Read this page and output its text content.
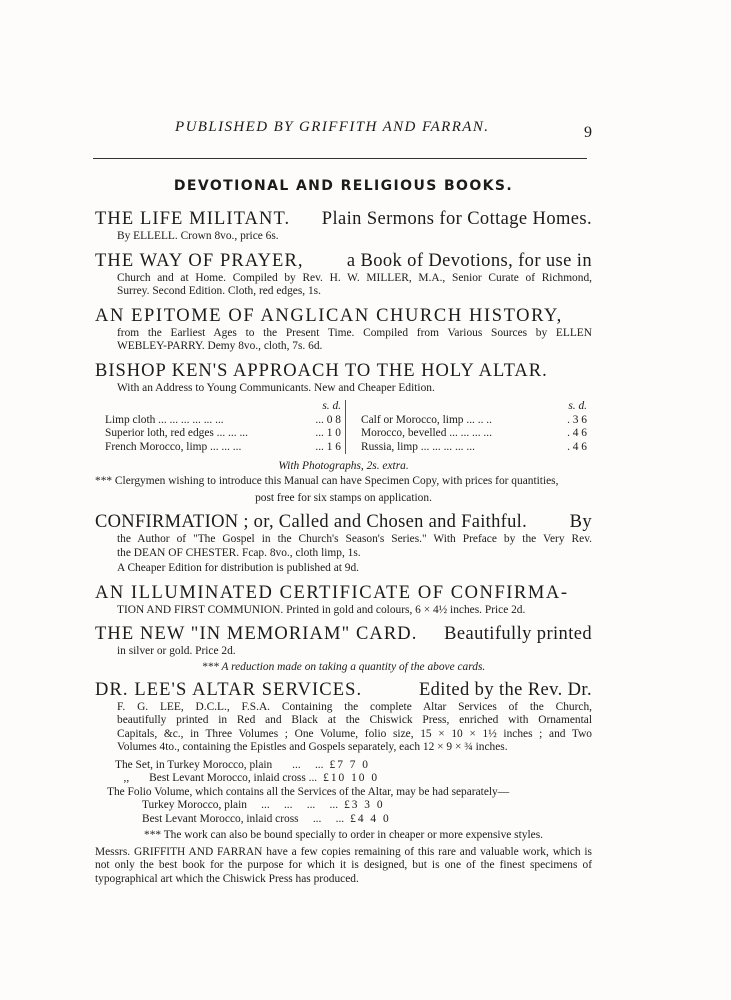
PUBLISHED BY GRIFFITH AND FARRAN.	9
DEVOTIONAL AND RELIGIOUS BOOKS.
THE LIFE MILITANT. Plain Sermons for Cottage Homes.
By ELLELL. Crown 8vo., price 6s.
THE WAY OF PRAYER, a Book of Devotions, for use in
Church and at Home. Compiled by Rev. H. W. MILLER, M.A., Senior Curate of Richmond,
Surrey. Second Edition. Cloth, red edges, 1s.
AN EPITOME OF ANGLICAN CHURCH HISTORY,
from the Earliest Ages to the Present Time. Compiled from Various Sources by ELLEN
WEBLEY-PARRY. Demy 8vo., cloth, 7s. 6d.
BISHOP KEN'S APPROACH TO THE HOLY ALTAR.
With an Address to Young Communicants. New and Cheaper Edition.
s. d.
Limp cloth ... ... ... ... ... ...	... 0 8
Superior loth, red edges ... ... ...	... 1 0
French Morocco, limp ... ... ...	... 1 6
s. d.
Calf or Morocco, limp ... .. ..	. 3 6
Morocco, bevelled ... ... ... ...	. 4 6
Russia, limp ... ... ... ... ...	. 4 6
With Photographs, 2s. extra.
*** Clergymen wishing to introduce this Manual can have Specimen Copy, with prices for quantities,
post free for six stamps on application.
CONFIRMATION ; or, Called and Chosen and Faithful. By
the Author of "The Gospel in the Church's Season's Series." With Preface by the Very Rev.
the DEAN OF CHESTER. Fcap. 8vo., cloth limp, 1s.
A Cheaper Edition for distribution is published at 9d.
AN ILLUMINATED CERTIFICATE OF CONFIRMA-
TION AND FIRST COMMUNION. Printed in gold and colours, 6 × 4½ inches. Price 2d.
THE NEW "IN MEMORIAM" CARD. Beautifully printed
in silver or gold. Price 2d.
*** A reduction made on taking a quantity of the above cards.
DR. LEE'S ALTAR SERVICES.	Edited by the Rev. Dr.
F. G. LEE, D.C.L., F.S.A. Containing the complete Altar Services of the Church,
beautifully printed in Red and Black at the Chiswick Press, enriched with Ornamental
Capitals, &c., in Three Volumes ; One Volume, folio size, 15 × 10 × 1½ inches ; and Two
Volumes 4to., containing the Epistles and Gospels separately, each 12 × 9 × ¾ inches.
The Set, in Turkey Morocco, plain       ...     ... £7 7 0
,,       Best Levant Morocco, inlaid cross ... £10 10 0
The Folio Volume, which contains all the Services of the Altar, may be had separately—
Turkey Morocco, plain     ...     ...     ...     ... £3 3 0
Best Levant Morocco, inlaid cross     ...     ... £4 4 0
*** The work can also be bound specially to order in cheaper or more expensive styles.
Messrs. GRIFFITH AND FARRAN have a few copies remaining of this rare and valuable work, which is not only the best book for the purpose for which it is designed, but is one of the finest specimens of typographical art which the Chiswick Press has produced.
